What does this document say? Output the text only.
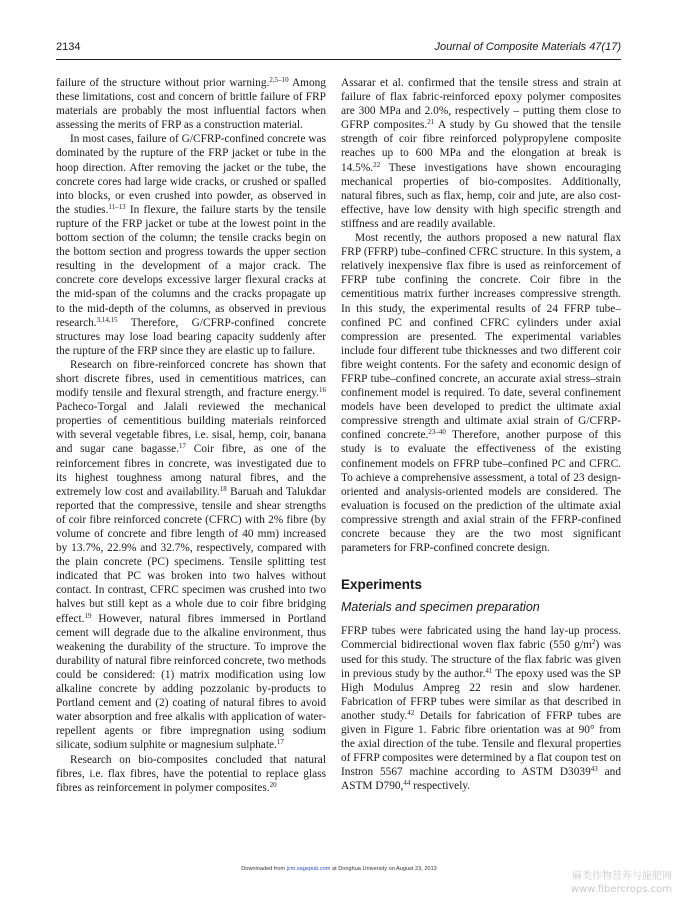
2134	Journal of Composite Materials 47(17)

failure of the structure without prior warning.$^{2,5-10}$ Among these limitations, cost and concern of brittle failure of FRP materials are probably the most influential factors when assessing the merits of FRP as a construction material.

In most cases, failure of G/CFRP-confined concrete was dominated by the rupture of the FRP jacket or tube in the hoop direction. After removing the jacket or the tube, the concrete cores had large wide cracks, or crushed or spalled into blocks, or even crushed into powder, as observed in the studies.$^{11-13}$ In flexure, the failure starts by the tensile rupture of the FRP jacket or tube at the lowest point in the bottom section of the column; the tensile cracks begin on the bottom section and progress towards the upper section resulting in the development of a major crack. The concrete core develops excessive larger flexural cracks at the mid-span of the columns and the cracks propagate up to the mid-depth of the columns, as observed in previous research.$^{3,14,15}$ Therefore, G/CFRP-confined concrete structures may lose load bearing capacity suddenly after the rupture of the FRP since they are elastic up to failure.

Research on fibre-reinforced concrete has shown that short discrete fibres, used in cementitious matrices, can modify tensile and flexural strength, and fracture energy.$^{16}$ Pacheco-Torgal and Jalali reviewed the mechanical properties of cementitious building materials reinforced with several vegetable fibres, i.e. sisal, hemp, coir, banana and sugar cane bagasse.$^{17}$ Coir fibre, as one of the reinforcement fibres in concrete, was investigated due to its highest toughness among natural fibres, and the extremely low cost and availability.$^{18}$ Baruah and Talukdar reported that the compressive, tensile and shear strengths of coir fibre reinforced concrete (CFRC) with 2% fibre (by volume of concrete and fibre length of 40 mm) increased by 13.7%, 22.9% and 32.7%, respectively, compared with the plain concrete (PC) specimens. Tensile splitting test indicated that PC was broken into two halves without contact. In contrast, CFRC specimen was crushed into two halves but still kept as a whole due to coir fibre bridging effect.$^{19}$ However, natural fibres immersed in Portland cement will degrade due to the alkaline environment, thus weakening the durability of the structure. To improve the durability of natural fibre reinforced concrete, two methods could be considered: (1) matrix modification using low alkaline concrete by adding pozzolanic by-products to Portland cement and (2) coating of natural fibres to avoid water absorption and free alkalis with application of water-repellent agents or fibre impregnation using sodium silicate, sodium sulphite or magnesium sulphate.$^{17}$

Research on bio-composites concluded that natural fibres, i.e. flax fibres, have the potential to replace glass fibres as reinforcement in polymer composites.$^{20}$

Assarar et al. confirmed that the tensile stress and strain at failure of flax fabric-reinforced epoxy polymer composites are 300 MPa and 2.0%, respectively – putting them close to GFRP composites.$^{21}$ A study by Gu showed that the tensile strength of coir fibre reinforced polypropylene composite reaches up to 600 MPa and the elongation at break is 14.5%.$^{22}$ These investigations have shown encouraging mechanical properties of bio-composites. Additionally, natural fibres, such as flax, hemp, coir and jute, are also cost-effective, have low density with high specific strength and stiffness and are readily available.

Most recently, the authors proposed a new natural flax FRP (FFRP) tube–confined CFRC structure. In this system, a relatively inexpensive flax fibre is used as reinforcement of FFRP tube confining the concrete. Coir fibre in the cementitious matrix further increases compressive strength. In this study, the experimental results of 24 FFRP tube–confined PC and confined CFRC cylinders under axial compression are presented. The experimental variables include four different tube thicknesses and two different coir fibre weight contents. For the safety and economic design of FFRP tube–confined concrete, an accurate axial stress–strain confinement model is required. To date, several confinement models have been developed to predict the ultimate axial compressive strength and ultimate axial strain of G/CFRP-confined concrete.$^{23-40}$ Therefore, another purpose of this study is to evaluate the effectiveness of the existing confinement models on FFRP tube–confined PC and CFRC. To achieve a comprehensive assessment, a total of 23 design-oriented and analysis-oriented models are considered. The evaluation is focused on the prediction of the ultimate axial compressive strength and axial strain of the FFRP-confined concrete because they are the two most significant parameters for FRP-confined concrete design.

Experiments
Materials and specimen preparation

FFRP tubes were fabricated using the hand lay-up process. Commercial bidirectional woven flax fabric (550 $g/m^2$) was used for this study. The structure of the flax fabric was given in previous study by the author.$^{41}$ The epoxy used was the SP High Modulus Ampreg 22 resin and slow hardener. Fabrication of FFRP tubes were similar as that described in another study.$^{42}$ Details for fabrication of FFRP tubes are given in Figure 1. Fabric fibre orientation was at 90° from the axial direction of the tube. Tensile and flexural properties of FFRP composites were determined by a flat coupon test on Instron 5567 machine according to ASTM D3039$^{43}$ and ASTM D790,44 respectively.

Downloaded from jcm.sagepub.com at Donghua University on August 23, 2013
麻类作物营养与施肥网
www.fibercrops.com
